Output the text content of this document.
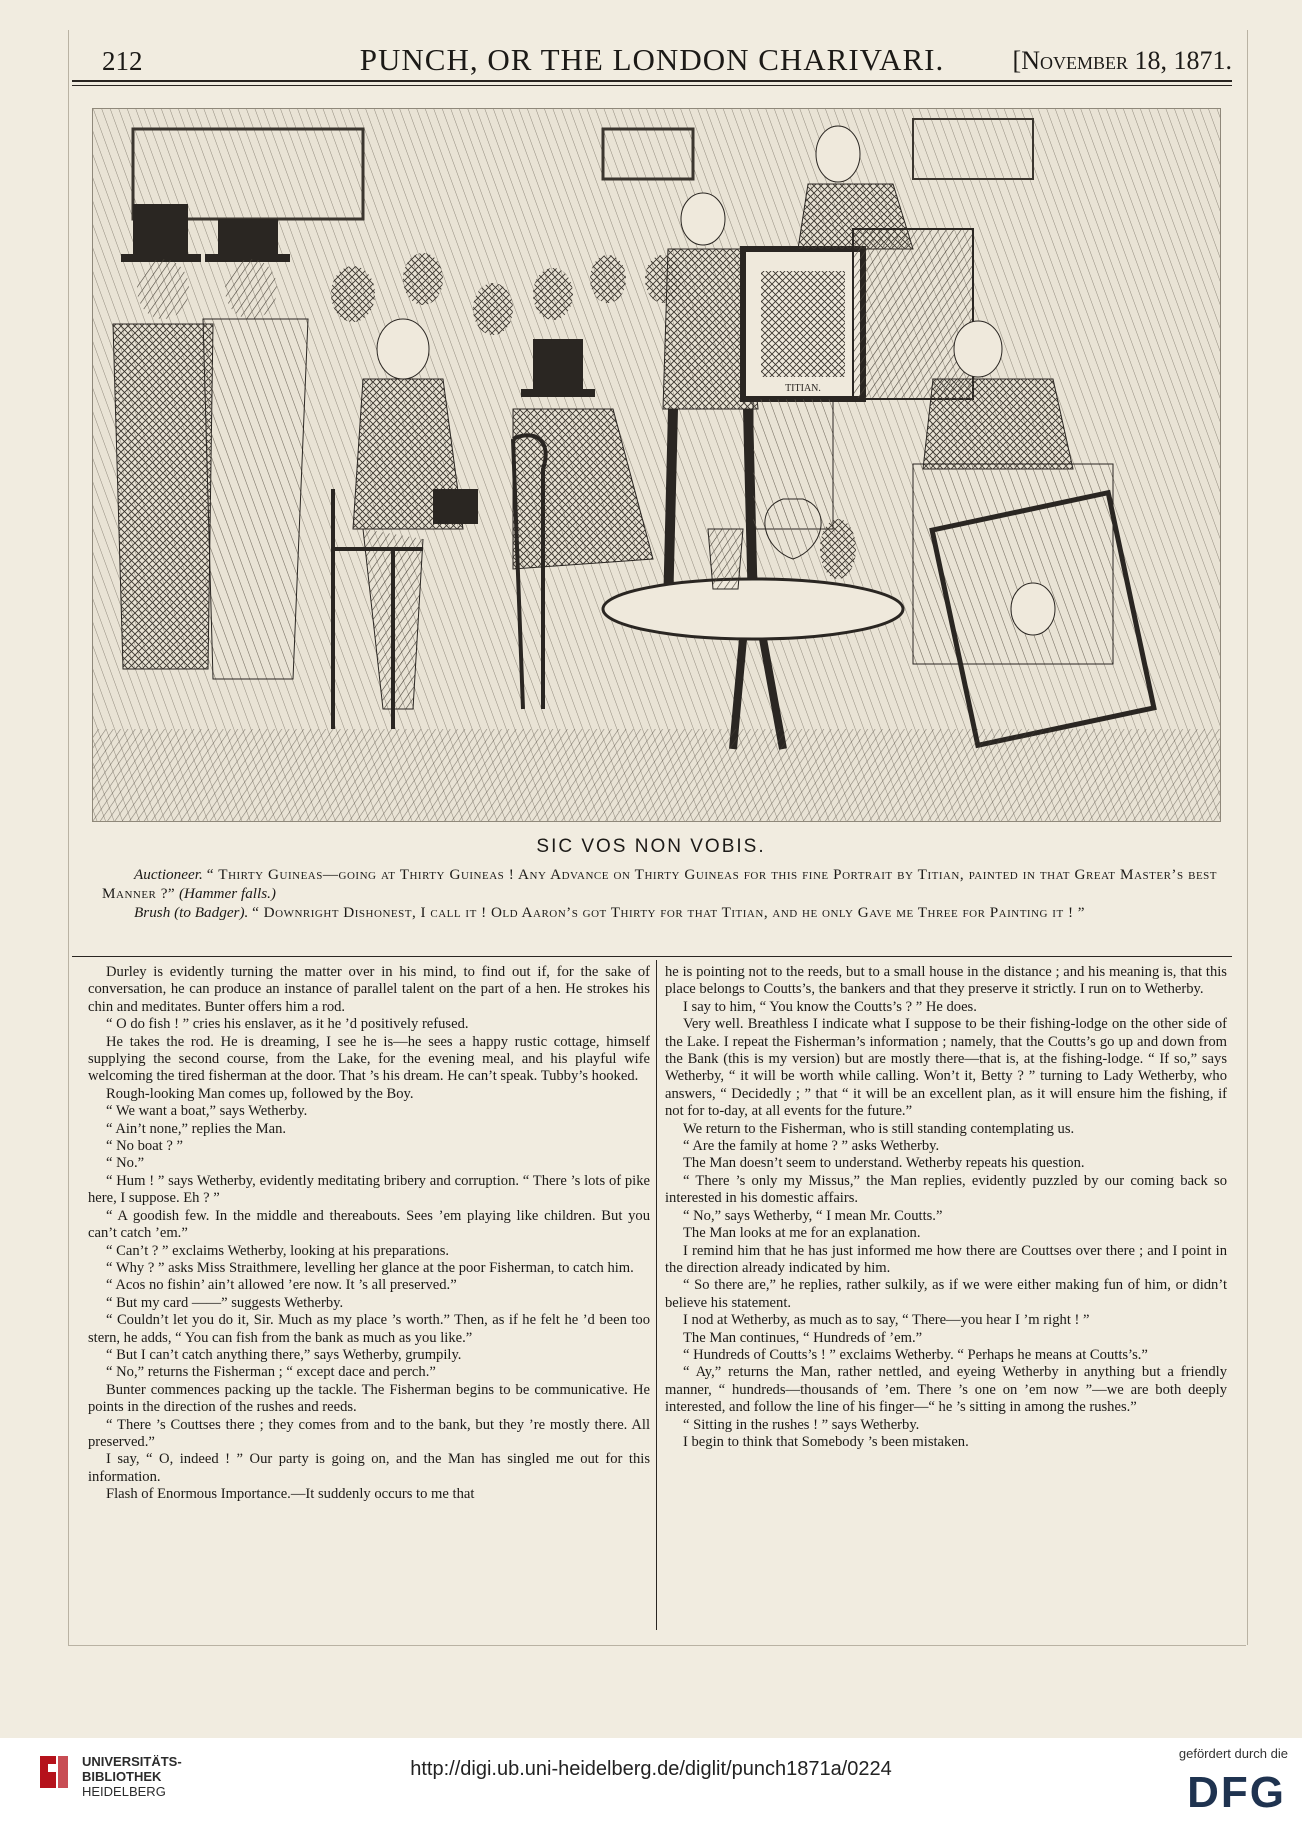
212	PUNCH, OR THE LONDON CHARIVARI.	[November 18, 1871.
TITIAN.
SIC VOS NON VOBIS.

Auctioneer. “ Thirty Guineas—going at Thirty Guineas ! Any Advance on Thirty Guineas for this fine Portrait by Titian, painted in that Great Master’s best Manner ?” (Hammer falls.)

Brush (to Badger). “ Downright Dishonest, I call it ! Old Aaron’s got Thirty for that Titian, and he only Gave me Three for Painting it ! ”

Durley is evidently turning the matter over in his mind, to find out if, for the sake of conversation, he can produce an instance of parallel talent on the part of a hen. He strokes his chin and meditates. Bunter offers him a rod.

“ O do fish ! ” cries his enslaver, as it he ’d positively refused.

He takes the rod. He is dreaming, I see he is—he sees a happy rustic cottage, himself supplying the second course, from the Lake, for the evening meal, and his playful wife welcoming the tired fisherman at the door. That ’s his dream. He can’t speak. Tubby’s hooked.

Rough-looking Man comes up, followed by the Boy.

“ We want a boat,” says Wetherby.

“ Ain’t none,” replies the Man.

“ No boat ? ”

“ No.”

“ Hum ! ” says Wetherby, evidently meditating bribery and corruption. “ There ’s lots of pike here, I suppose. Eh ? ”

“ A goodish few. In the middle and thereabouts. Sees ’em playing like children. But you can’t catch ’em.”

“ Can’t ? ” exclaims Wetherby, looking at his preparations.

“ Why ? ” asks Miss Straithmere, levelling her glance at the poor Fisherman, to catch him.

“ Acos no fishin’ ain’t allowed ’ere now. It ’s all preserved.”

“ But my card ——” suggests Wetherby.

“ Couldn’t let you do it, Sir. Much as my place ’s worth.” Then, as if he felt he ’d been too stern, he adds, “ You can fish from the bank as much as you like.”

“ But I can’t catch anything there,” says Wetherby, grumpily.

“ No,” returns the Fisherman ; “ except dace and perch.”

Bunter commences packing up the tackle. The Fisherman begins to be communicative. He points in the direction of the rushes and reeds.

“ There ’s Couttses there ; they comes from and to the bank, but they ’re mostly there. All preserved.”

I say, “ O, indeed ! ” Our party is going on, and the Man has singled me out for this information.

Flash of Enormous Importance.—It suddenly occurs to me that

he is pointing not to the reeds, but to a small house in the distance ; and his meaning is, that this place belongs to Coutts’s, the bankers and that they preserve it strictly. I run on to Wetherby.

I say to him, “ You know the Coutts’s ? ” He does.

Very well. Breathless I indicate what I suppose to be their fishing-lodge on the other side of the Lake. I repeat the Fisherman’s information ; namely, that the Coutts’s go up and down from the Bank (this is my version) but are mostly there—that is, at the fishing-lodge. “ If so,” says Wetherby, “ it will be worth while calling. Won’t it, Betty ? ” turning to Lady Wetherby, who answers, “ Decidedly ; ” that “ it will be an excellent plan, as it will ensure him the fishing, if not for to-day, at all events for the future.”

We return to the Fisherman, who is still standing contemplating us.

“ Are the family at home ? ” asks Wetherby.

The Man doesn’t seem to understand. Wetherby repeats his question.

“ There ’s only my Missus,” the Man replies, evidently puzzled by our coming back so interested in his domestic affairs.

“ No,” says Wetherby, “ I mean Mr. Coutts.”

The Man looks at me for an explanation.

I remind him that he has just informed me how there are Couttses over there ; and I point in the direction already indicated by him.

“ So there are,” he replies, rather sulkily, as if we were either making fun of him, or didn’t believe his statement.

I nod at Wetherby, as much as to say, “ There—you hear I ’m right ! ”

The Man continues, “ Hundreds of ’em.”

“ Hundreds of Coutts’s ! ” exclaims Wetherby. “ Perhaps he means at Coutts’s.”

“ Ay,” returns the Man, rather nettled, and eyeing Wetherby in anything but a friendly manner, “ hundreds—thousands of ’em. There ’s one on ’em now ”—we are both deeply interested, and follow the line of his finger—“ he ’s sitting in among the rushes.”

“ Sitting in the rushes ! ” says Wetherby.

I begin to think that Somebody ’s been mistaken.

UNIVERSITÄTS-
BIBLIOTHEK
HEIDELBERG
http://digi.ub.uni-heidelberg.de/diglit/punch1871a/0224
gefördert durch die
DFG
